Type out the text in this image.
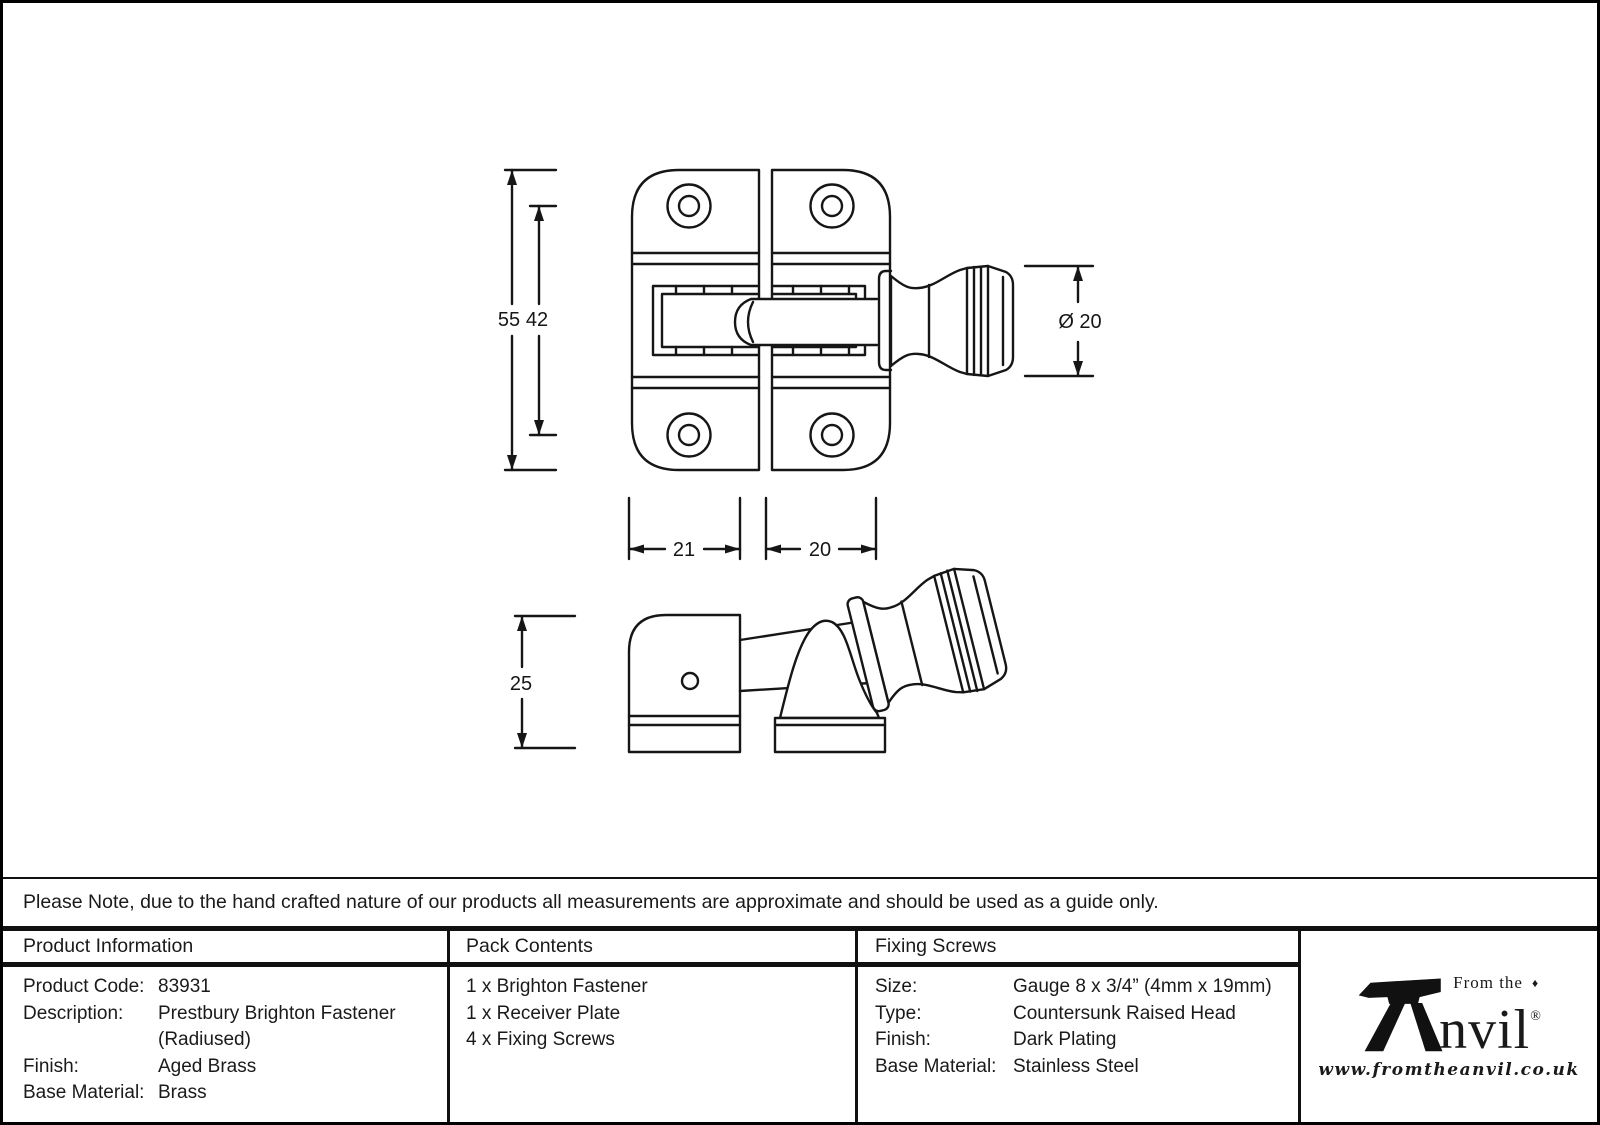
55 42	Ø 20
21	20
25
Please Note, due to the hand crafted nature of our products all measurements are approximate and should be used as a guide only.
Product Information	Pack Contents	Fixing Screws
From the ♦
nvil®
www.fromtheanvil.co.uk
Product Code: 83931
Description:	Prestbury Brighton Fastener
(Radiused)
Finish:	Aged Brass
Base Material: Brass
1 x Brighton Fastener
1 x Receiver Plate
4 x Fixing Screws
Size:	Gauge 8 x 3/4” (4mm x 19mm)
Type:	Countersunk Raised Head
Finish:	Dark Plating
Base Material: Stainless Steel
